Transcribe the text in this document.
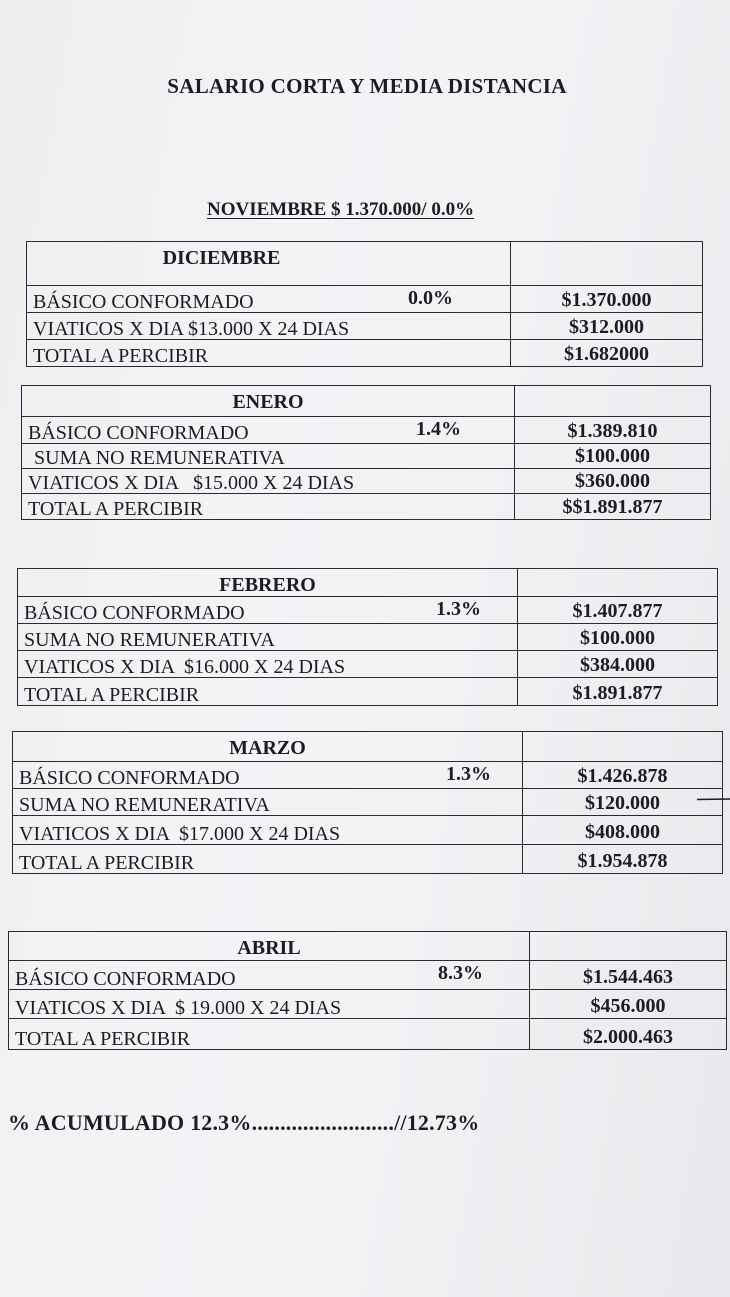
SALARIO CORTA Y MEDIA DISTANCIA
NOVIEMBRE $ 1.370.000/ 0.0%
DICIEMBRE	
BÁSICO CONFORMADO 0.0%	$1.370.000
VIATICOS X DIA $13.000 X 24 DIAS	$312.000
TOTAL A PERCIBIR	$1.682000
ENERO	
BÁSICO CONFORMADO 1.4%	$1.389.810
SUMA NO REMUNERATIVA	$100.000
VIATICOS X DIA   $15.000 X 24 DIAS	$360.000
TOTAL A PERCIBIR	$$1.891.877
FEBRERO	
BÁSICO CONFORMADO 1.3%	$1.407.877
SUMA NO REMUNERATIVA	$100.000
VIATICOS X DIA  $16.000 X 24 DIAS	$384.000
TOTAL A PERCIBIR	$1.891.877
MARZO	
BÁSICO CONFORMADO 1.3%	$1.426.878
SUMA NO REMUNERATIVA	$120.000
VIATICOS X DIA  $17.000 X 24 DIAS	$408.000
TOTAL A PERCIBIR	$1.954.878
ABRIL	
BÁSICO CONFORMADO 8.3%	$1.544.463
VIATICOS X DIA  $ 19.000 X 24 DIAS	$456.000
TOTAL A PERCIBIR	$2.000.463
% ACUMULADO 12.3%.........................//12.73%
